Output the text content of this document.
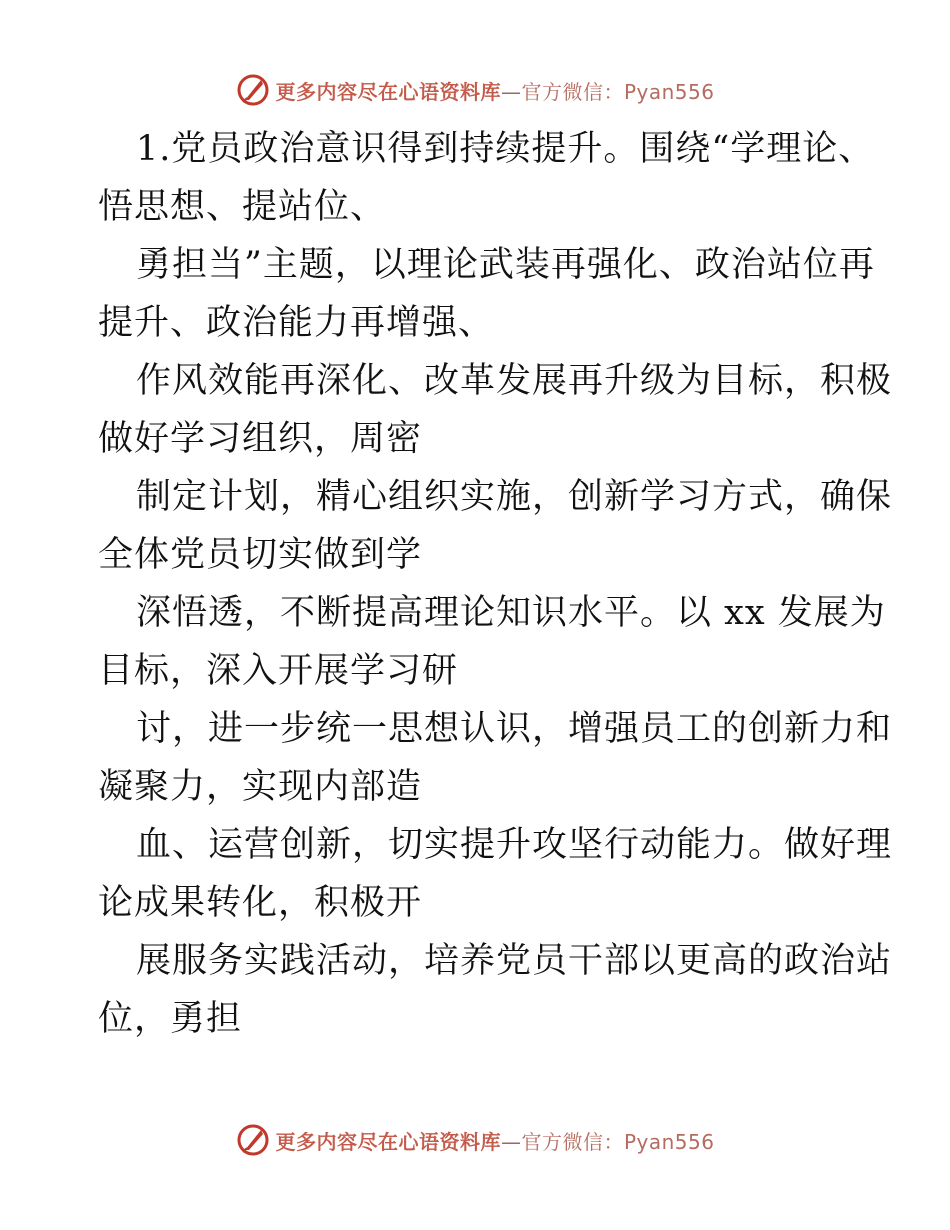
更多内容尽在心语资料库—官方微信：Pyan556
1.党员政治意识得到持续提升。围绕“学理论、
悟思想、提站位、
勇担当”主题，以理论武装再强化、政治站位再
提升、政治能力再增强、
作风效能再深化、改革发展再升级为目标，积极
做好学习组织，周密
制定计划，精心组织实施，创新学习方式，确保
全体党员切实做到学
深悟透，不断提高理论知识水平。以 xx 发展为
目标，深入开展学习研
讨，进一步统一思想认识，增强员工的创新力和
凝聚力，实现内部造
血、运营创新，切实提升攻坚行动能力。做好理
论成果转化，积极开
展服务实践活动，培养党员干部以更高的政治站
位，勇担
更多内容尽在心语资料库—官方微信：Pyan556
